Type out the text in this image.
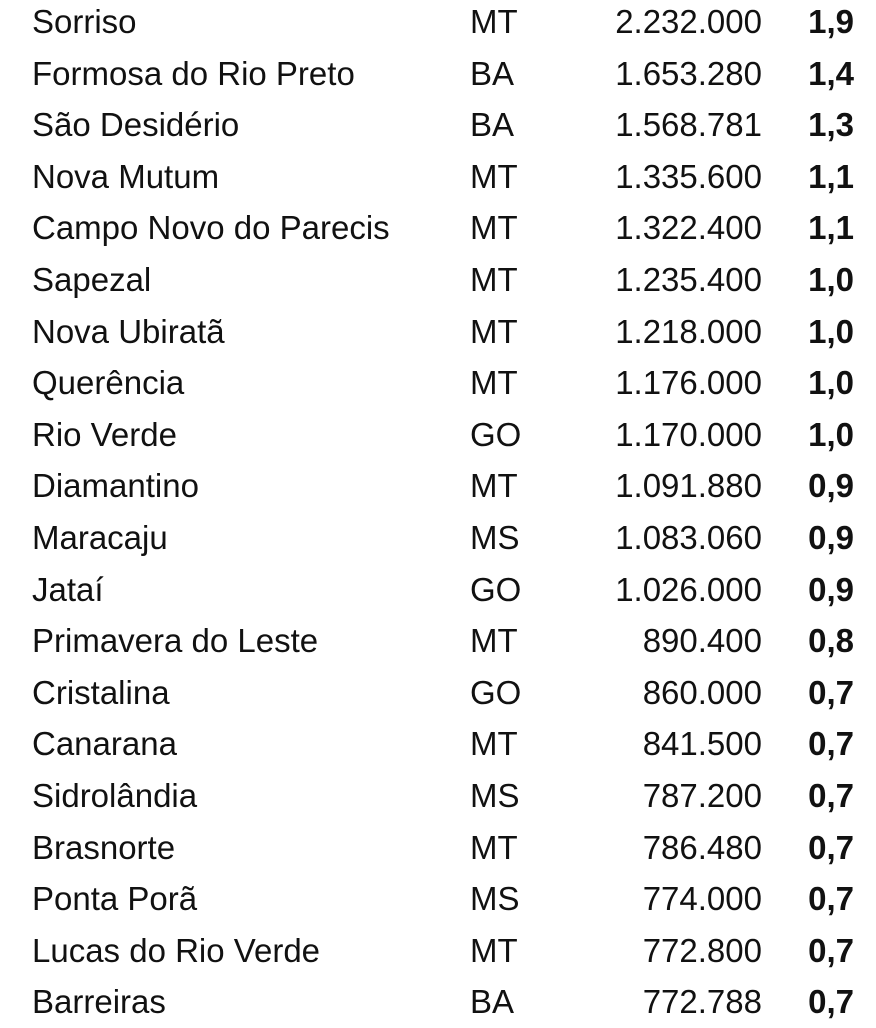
Sorriso	MT	2.232.000 1,9
Formosa do Rio Preto	BA	1.653.280 1,4
São Desidério	BA	1.568.781 1,3
Nova Mutum	MT	1.335.600 1,1
Campo Novo do Parecis MT	1.322.400 1,1
Sapezal	MT	1.235.400 1,0
Nova Ubiratã	MT	1.218.000 1,0
Querência	MT	1.176.000 1,0
Rio Verde	GO	1.170.000 1,0
Diamantino	MT	1.091.880 0,9
Maracaju	MS	1.083.060 0,9
Jataí	GO	1.026.000 0,9
Primavera do Leste	MT	890.400 0,8
Cristalina	GO	860.000 0,7
Canarana	MT	841.500 0,7
Sidrolândia	MS	787.200 0,7
Brasnorte	MT	786.480 0,7
Ponta Porã	MS	774.000 0,7
Lucas do Rio Verde	MT	772.800 0,7
Barreiras	BA	772.788 0,7
